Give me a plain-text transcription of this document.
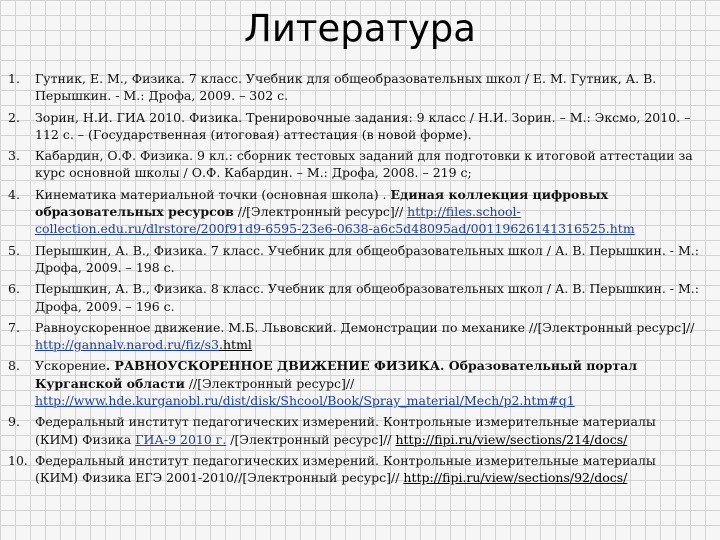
Литература
1. Гутник, Е. М., Физика. 7 класс. Учебник для общеобразовательных школ / Е. М. Гутник, А. В. Перышкин. - М.: Дрофа, 2009. – 302 с.
2. Зорин, Н.И. ГИА 2010. Физика. Тренировочные задания: 9 класс / Н.И. Зорин. – М.: Эксмо, 2010. – 112 с. – (Государственная (итоговая) аттестация (в новой форме).
3. Кабардин, О.Ф. Физика. 9 кл.: сборник тестовых заданий для подготовки к итоговой аттестации за курс основной школы / О.Ф. Кабардин. – М.: Дрофа, 2008. – 219 с;
4. Кинематика материальной точки (основная школа) . Единая коллекция цифровых образовательных ресурсов //[Электронный ресурс]// http://files.school-collection.edu.ru/dlrstore/200f91d9-6595-23e6-0638-a6c5d48095ad/00119626141316525.htm
5. Перышкин, А. В., Физика. 7 класс. Учебник для общеобразовательных школ / А. В. Перышкин. - М.: Дрофа, 2009. – 198 с.
6. Перышкин, А. В., Физика. 8 класс. Учебник для общеобразовательных школ / А. В. Перышкин. - М.: Дрофа, 2009. – 196 с.
7. Равноускоренное движение. М.Б. Львовский. Демонстрации по механике //[Электронный ресурс]// http://gannalv.narod.ru/fiz/s3.html
8. Ускорение. РАВНОУСКОРЕННОЕ ДВИЖЕНИЕ ФИЗИКА. Образовательный портал Курганской области //[Электронный ресурс]// http://www.hde.kurganobl.ru/dist/disk/Shcool/Book/Spray_material/Mech/p2.htm#q1
9. Федеральный институт педагогических измерений. Контрольные измерительные материалы (КИМ) Физика ГИА-9 2010 г. /[Электронный ресурс]// http://fipi.ru/view/sections/214/docs/
10. Федеральный институт педагогических измерений. Контрольные измерительные материалы (КИМ) Физика ЕГЭ 2001-2010//[Электронный ресурс]// http://fipi.ru/view/sections/92/docs/
